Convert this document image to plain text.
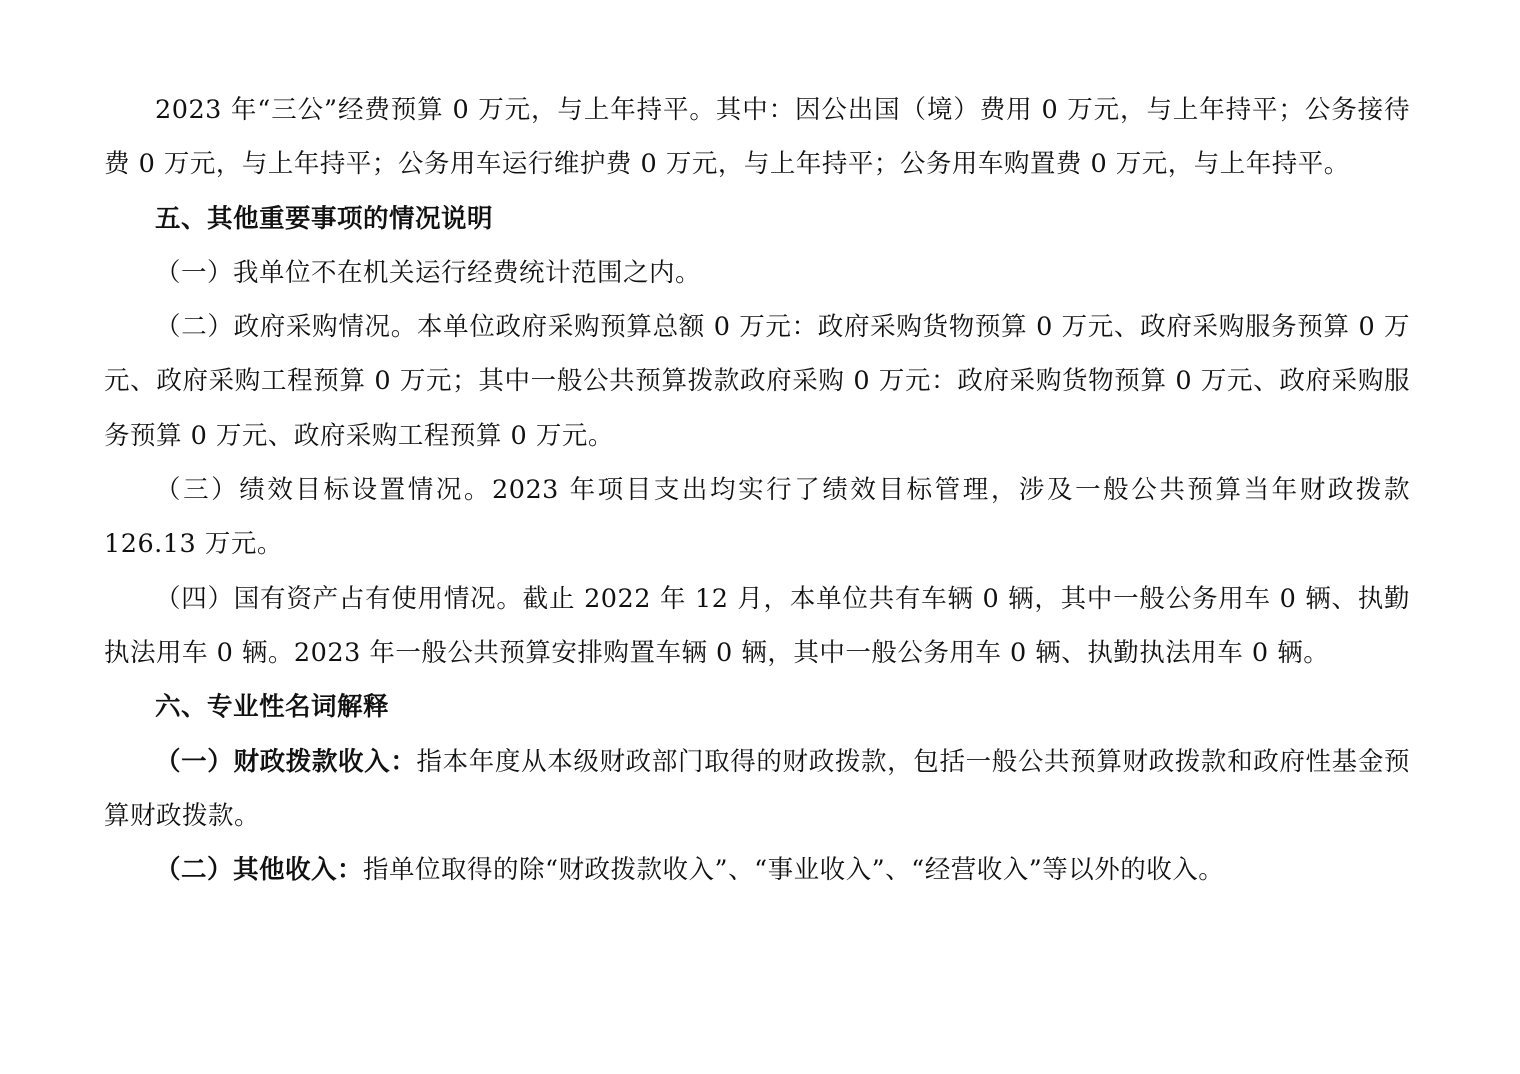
2023 年“三公”经费预算 0 万元，与上年持平。其中：因公出国（境）费用 0 万元，与上年持平；公务接待费 0 万元，与上年持平；公务用车运行维护费 0 万元，与上年持平；公务用车购置费 0 万元，与上年持平。

五、其他重要事项的情况说明

（一）我单位不在机关运行经费统计范围之内。

（二）政府采购情况。本单位政府采购预算总额 0 万元：政府采购货物预算 0 万元、政府采购服务预算 0 万元、政府采购工程预算 0 万元；其中一般公共预算拨款政府采购 0 万元：政府采购货物预算 0 万元、政府采购服务预算 0 万元、政府采购工程预算 0 万元。

（三）绩效目标设置情况。2023 年项目支出均实行了绩效目标管理，涉及一般公共预算当年财政拨款 126.13 万元。

（四）国有资产占有使用情况。截止 2022 年 12 月，本单位共有车辆 0 辆，其中一般公务用车 0 辆、执勤执法用车 0 辆。2023 年一般公共预算安排购置车辆 0 辆，其中一般公务用车 0 辆、执勤执法用车 0 辆。

六、专业性名词解释

（一）财政拨款收入：指本年度从本级财政部门取得的财政拨款，包括一般公共预算财政拨款和政府性基金预算财政拨款。

（二）其他收入：指单位取得的除“财政拨款收入”、“事业收入”、“经营收入”等以外的收入。
